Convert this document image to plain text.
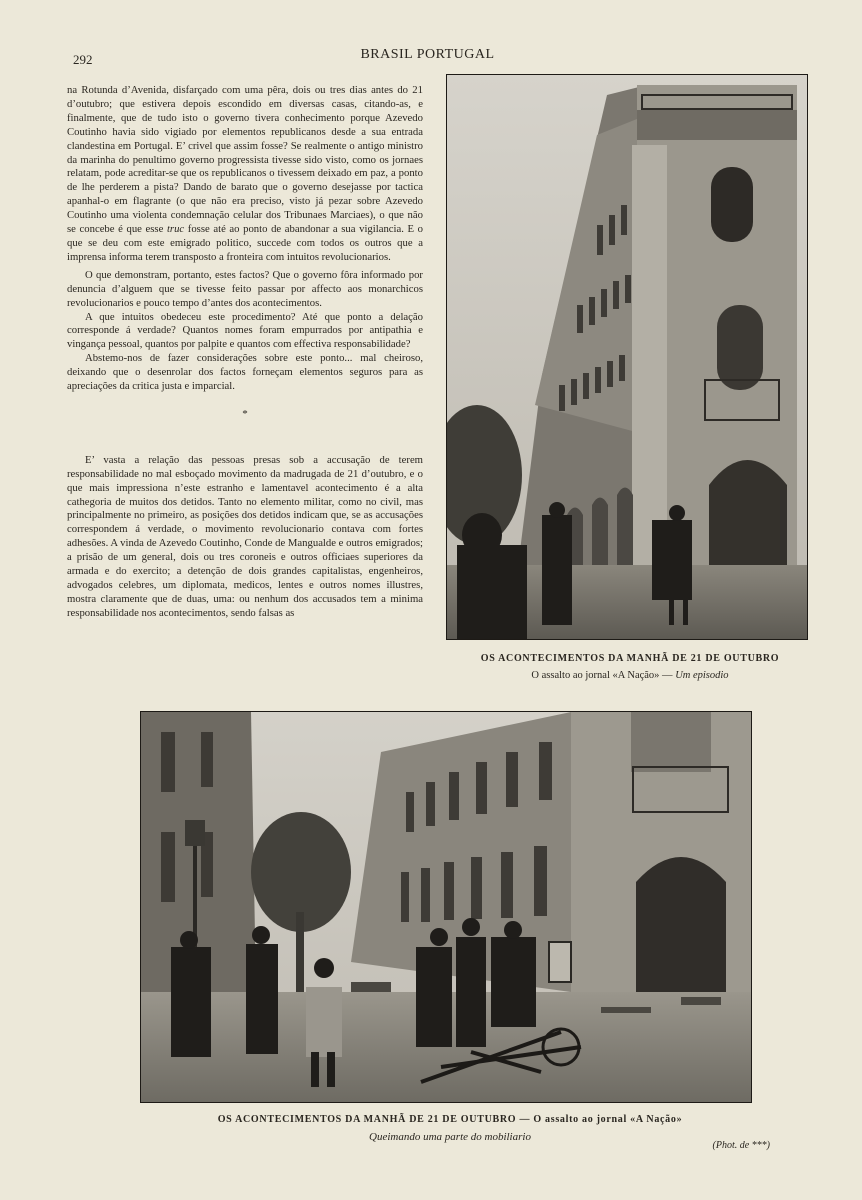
292	BRASIL PORTUGAL

na Rotunda d’Avenida, disfarçado com uma pêra, dois ou tres dias antes do 21 d’outubro; que estivera depois escondido em diversas casas, citando-as, e finalmente, que de tudo isto o governo tivera conhecimento porque Azevedo Coutinho havia sido vigiado por elementos republicanos desde a sua entrada clandestina em Portugal. E’ crivel que assim fosse? Se realmente o antigo ministro da marinha do penultimo governo progressista tivesse sido visto, como os jornaes relatam, pode acreditar-se que os republicanos o tivessem deixado em paz, a ponto de lhe perderem a pista? Dando de barato que o governo desejasse por tactica apanhal-o em flagrante (o que não era preciso, visto já pezar sobre Azevedo Coutinho uma violenta condemnação celular dos Tribunaes Marciaes), o que não se concebe é que esse truc fosse até ao ponto de abandonar a sua vigilancia. E o que se deu com este emigrado politico, succede com todos os outros que a imprensa informa terem transposto a fronteira com intuitos revolucionarios.

O que demonstram, portanto, estes factos? Que o governo fôra informado por denuncia d’alguem que se tivesse feito passar por affecto aos monarchicos revolucionarios e pouco tempo d’antes dos acontecimentos.

A que intuitos obedeceu este procedimento? Até que ponto a delação corresponde á verdade? Quantos nomes foram empurrados por antipathia e vingança pessoal, quantos por palpite e quantos com effectiva responsabilidade?

Abstemo-nos de fazer considerações sobre este ponto... mal cheiroso, deixando que o desenrolar dos factos forneçam elementos seguros para as apreciações da critica justa e imparcial.

*

E’ vasta a relação das pessoas presas sob a accusação de terem responsabilidade no mal esboçado movimento da madrugada de 21 d’outubro, e o que mais impressiona n’este estranho e lamentavel acontecimento é a alta cathegoria de muitos dos detidos. Tanto no elemento militar, como no civil, mas principalmente no primeiro, as posições dos detidos indicam que, se as accusações correspondem á verdade, o movimento revolucionario contava com fortes adhesões. A vinda de Azevedo Coutinho, Conde de Mangualde e outros emigrados; a prisão de um general, dois ou tres coroneis e outros officiaes superiores da armada e do exercito; a detenção de dois grandes capitalistas, engenheiros, advogados celebres, um diplomata, medicos, lentes e outros nomes illustres, mostra claramente que de duas, uma: ou nenhum dos accusados tem a minima responsabilidade nos acontecimentos, sendo falsas as

OS ACONTECIMENTOS DA MANHÃ DE 21 DE OUTUBRO
O assalto ao jornal «A Nação» — Um episodio
OS ACONTECIMENTOS DA MANHÃ DE 21 DE OUTUBRO — O assalto ao jornal «A Nação»
Queimando uma parte do mobiliario
(Phot. de ***)
